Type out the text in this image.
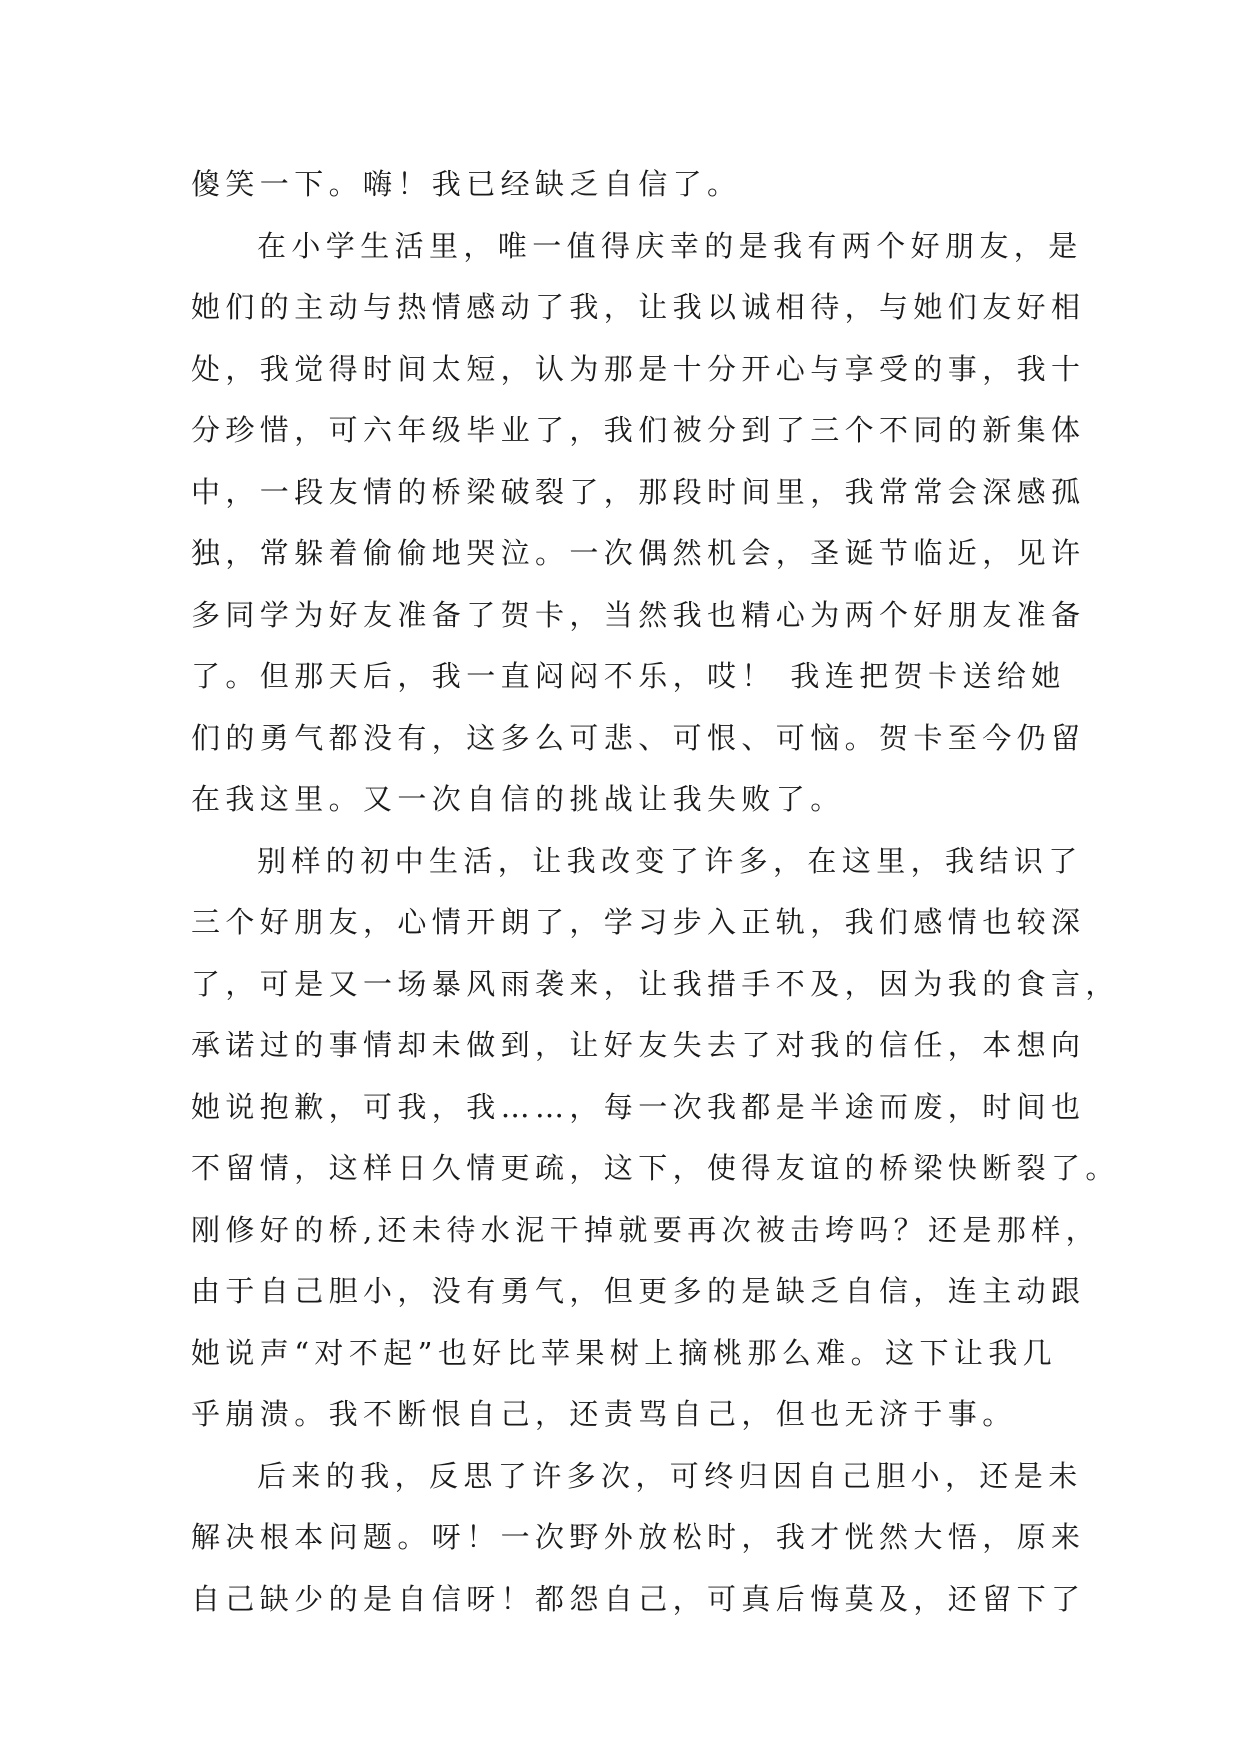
傻笑一下。嗨！我已经缺乏自信了。
在小学生活里，唯一值得庆幸的是我有两个好朋友，是
她们的主动与热情感动了我，让我以诚相待，与她们友好相
处，我觉得时间太短，认为那是十分开心与享受的事，我十
分珍惜，可六年级毕业了，我们被分到了三个不同的新集体
中，一段友情的桥梁破裂了，那段时间里，我常常会深感孤
独，常躲着偷偷地哭泣。一次偶然机会，圣诞节临近，见许
多同学为好友准备了贺卡，当然我也精心为两个好朋友准备
了。但那天后，我一直闷闷不乐，哎！ 我连把贺卡送给她
们的勇气都没有，这多么可悲、可恨、可恼。贺卡至今仍留
在我这里。又一次自信的挑战让我失败了。
别样的初中生活，让我改变了许多，在这里，我结识了
三个好朋友，心情开朗了，学习步入正轨，我们感情也较深
了，可是又一场暴风雨袭来，让我措手不及，因为我的食言，
承诺过的事情却未做到，让好友失去了对我的信任，本想向
她说抱歉，可我，我……，每一次我都是半途而废，时间也
不留情，这样日久情更疏，这下，使得友谊的桥梁快断裂了。
刚修好的桥,还未待水泥干掉就要再次被击垮吗？还是那样，
由于自己胆小，没有勇气，但更多的是缺乏自信，连主动跟
她说声“对不起”也好比苹果树上摘桃那么难。这下让我几
乎崩溃。我不断恨自己，还责骂自己，但也无济于事。
后来的我，反思了许多次，可终归因自己胆小，还是未
解决根本问题。呀！一次野外放松时，我才恍然大悟，原来
自己缺少的是自信呀！都怨自己，可真后悔莫及，还留下了
